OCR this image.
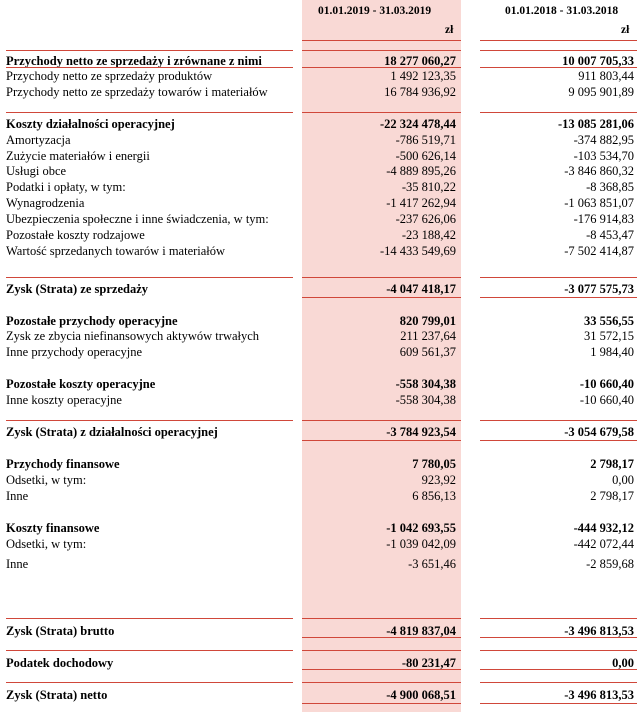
01.01.2019 - 31.03.2019	01.01.2018 - 31.03.2018
zł	zł
Przychody netto ze sprzedaży i zrównane z nimi	18 277 060,27	10 007 705,33
Przychody netto ze sprzedaży produktów	1 492 123,35	911 803,44
Przychody netto ze sprzedaży towarów i materiałów	16 784 936,92	9 095 901,89
Koszty działalności operacyjnej	-22 324 478,44	-13 085 281,06
Amortyzacja	-786 519,71	-374 882,95
Zużycie materiałów i energii	-500 626,14	-103 534,70
Usługi obce	-4 889 895,26	-3 846 860,32
Podatki i opłaty, w tym:	-35 810,22	-8 368,85
Wynagrodzenia	-1 417 262,94	-1 063 851,07
Ubezpieczenia społeczne i inne świadczenia, w tym:	-237 626,06	-176 914,83
Pozostałe koszty rodzajowe	-23 188,42	-8 453,47
Wartość sprzedanych towarów i materiałów	-14 433 549,69	-7 502 414,87
Zysk (Strata) ze sprzedaży	-4 047 418,17	-3 077 575,73
Pozostałe przychody operacyjne	820 799,01	33 556,55
Zysk ze zbycia niefinansowych aktywów trwałych	211 237,64	31 572,15
Inne przychody operacyjne	609 561,37	1 984,40
Pozostałe koszty operacyjne	-558 304,38	-10 660,40
Inne koszty operacyjne	-558 304,38	-10 660,40
Zysk (Strata) z działalności operacyjnej	-3 784 923,54	-3 054 679,58
Przychody finansowe	7 780,05	2 798,17
Odsetki, w tym:	923,92	0,00
Inne	6 856,13	2 798,17
Koszty finansowe	-1 042 693,55	-444 932,12
Odsetki, w tym:	-1 039 042,09	-442 072,44
Inne	-3 651,46	-2 859,68
Zysk (Strata) brutto	-4 819 837,04	-3 496 813,53
Podatek dochodowy	-80 231,47	0,00
Zysk (Strata) netto	-4 900 068,51	-3 496 813,53
